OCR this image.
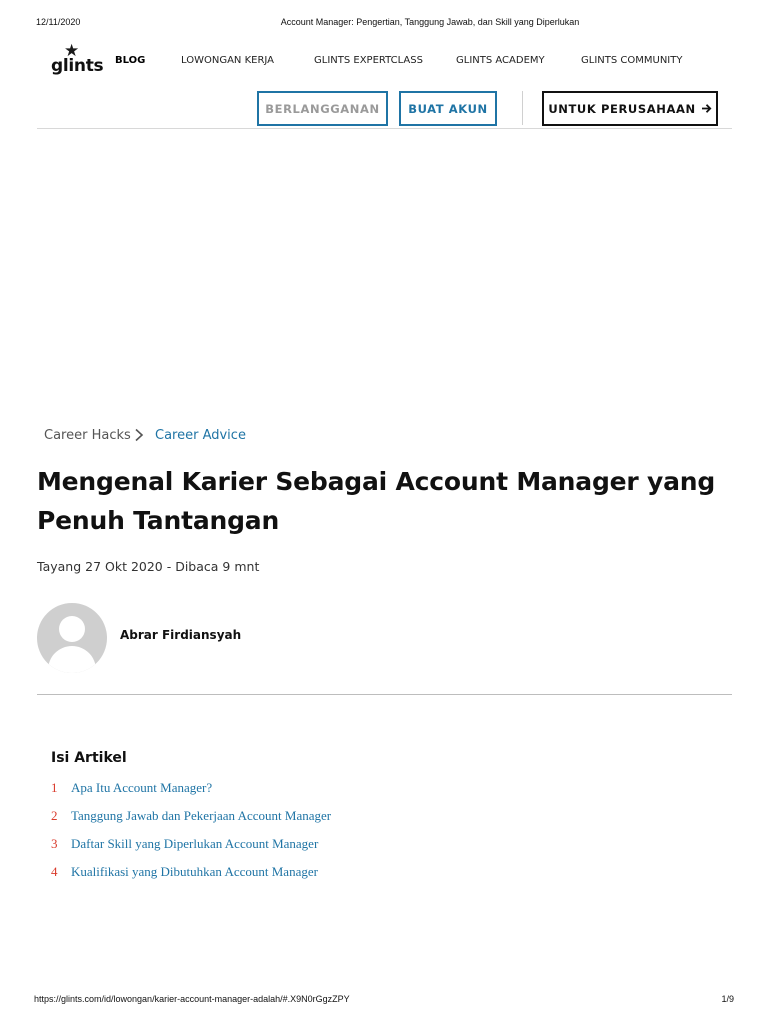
12/11/2020	Account Manager: Pengertian, Tanggung Jawab, dan Skill yang Diperlukan
★
glints BLOG	LOWONGAN KERJA	GLINTS EXPERTCLASS	GLINTS ACADEMY	GLINTS COMMUNITY
BERLANGGANAN BUAT AKUN	UNTUK PERUSAHAAN
Career Hacks Career Advice
Mengenal Karier Sebagai Account Manager yang Penuh Tantangan
Tayang 27 Okt 2020 - Dibaca 9 mnt
Abrar Firdiansyah
Isi Artikel
1 Apa Itu Account Manager?
2 Tanggung Jawab dan Pekerjaan Account Manager
3 Daftar Skill yang Diperlukan Account Manager
4 Kualifikasi yang Dibutuhkan Account Manager
https://glints.com/id/lowongan/karier-account-manager-adalah/#.X9N0rGgzZPY	1/9
